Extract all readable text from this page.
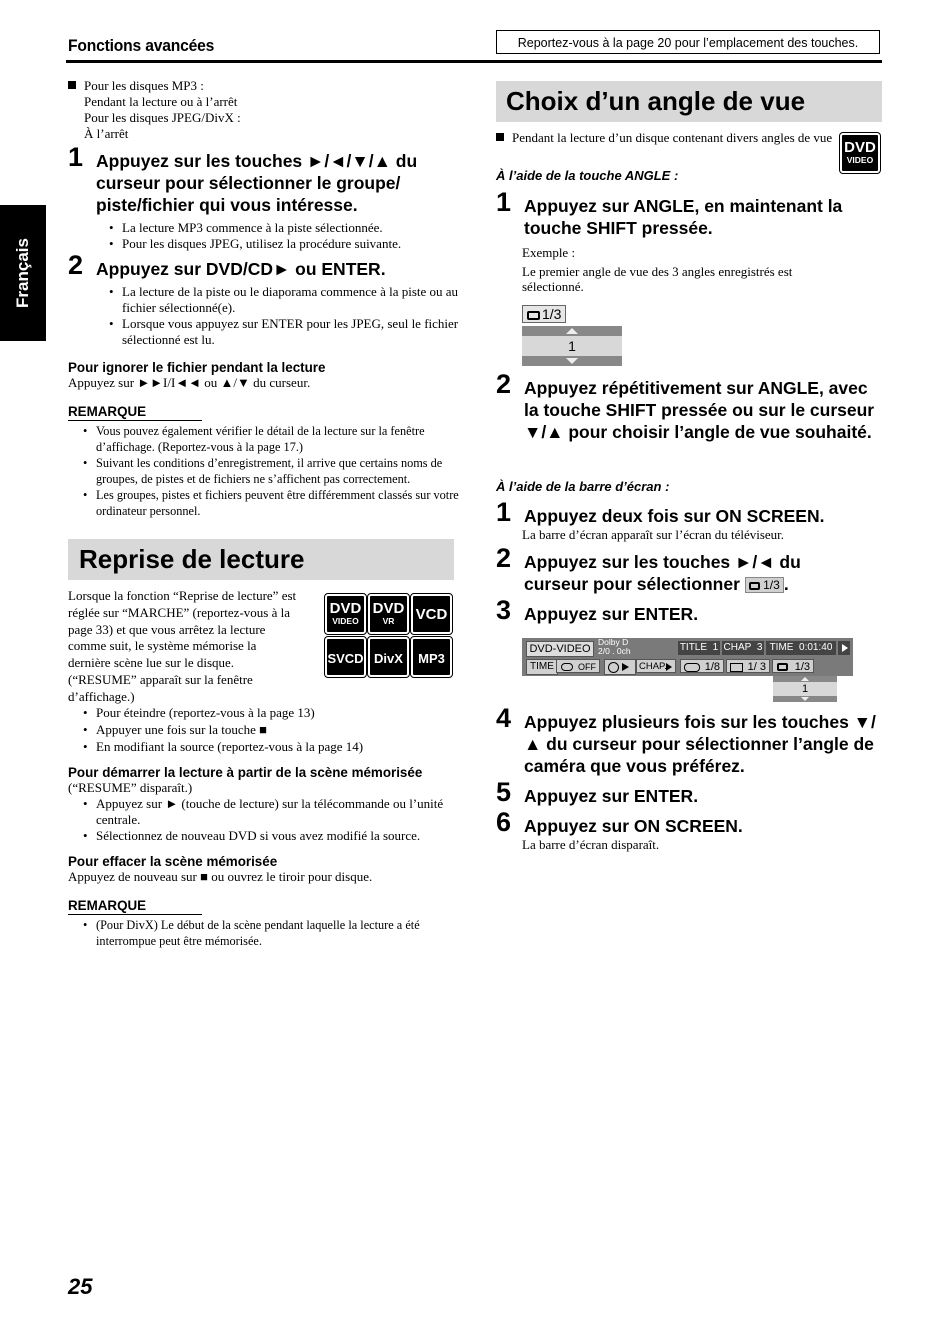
Fonctions avancées	Reportez-vous à la page 20 pour l’emplacement des touches.
Français
Pour les disques MP3 :
Pendant la lecture ou à l’arrêt
Pour les disques JPEG/DivX :
À l’arrêt
1 Appuyez sur les touches ►/◄/▼/▲ du curseur pour sélectionner le groupe/ piste/fichier qui vous intéresse.
• La lecture MP3 commence à la piste sélectionnée.
• Pour les disques JPEG, utilisez la procédure suivante.
2 Appuyez sur DVD/CD► ou ENTER.
• La lecture de la piste ou le diaporama commence à la piste ou au fichier sélectionné(e).
• Lorsque vous appuyez sur ENTER pour les JPEG, seul le fichier sélectionné est lu.
Pour ignorer le fichier pendant la lecture
Appuyez sur ►►I/I◄◄ ou ▲/▼ du curseur.
REMARQUE
• Vous pouvez également vérifier le détail de la lecture sur la fenêtre d’affichage. (Reportez-vous à la page 17.)
• Suivant les conditions d’enregistrement, il arrive que certains noms de groupes, de pistes et de fichiers ne s’affichent pas correctement.
• Les groupes, pistes et fichiers peuvent être différemment classés sur votre ordinateur personnel.
Reprise de lecture
Lorsque la fonction “Reprise de lecture” est
réglée sur “MARCHE” (reportez-vous à la
page 33) et que vous arrêtez la lecture
comme suit, le système mémorise la
dernière scène lue sur le disque.
(“RESUME” apparaît sur la fenêtre
d’affichage.)
DVD
VIDEO
DVD
VR	VCD
SVCD DivX	MP3
• Pour éteindre (reportez-vous à la page 13)
• Appuyer une fois sur la touche ■
• En modifiant la source (reportez-vous à la page 14)
Pour démarrer la lecture à partir de la scène mémorisée
(“RESUME” disparaît.)
• Appuyez sur ► (touche de lecture) sur la télécommande ou l’unité centrale.
• Sélectionnez de nouveau DVD si vous avez modifié la source.
Pour effacer la scène mémorisée
Appuyez de nouveau sur ■ ou ouvrez le tiroir pour disque.
REMARQUE
• (Pour DivX) Le début de la scène pendant laquelle la lecture a été interrompue peut être mémorisée.
Choix d’un angle de vue
Pendant la lecture d’un disque contenant divers angles de vue
DVD
VIDEO
À l’aide de la touche ANGLE :
1 Appuyez sur ANGLE, en maintenant la touche SHIFT pressée.
Exemple :
Le premier angle de vue des 3 angles enregistrés est sélectionné.
1/3
1
2 Appuyez répétitivement sur ANGLE, avec la touche SHIFT pressée ou sur le curseur ▼/▲ pour choisir l’angle de vue souhaité.
À l’aide de la barre d’écran :
1 Appuyez deux fois sur ON SCREEN.
La barre d’écran apparaît sur l’écran du téléviseur.
2 Appuyez sur les touches ►/◄ du curseur pour sélectionner 1/3 .
3 Appuyez sur ENTER.
DVD-VIDEO
Dolby D
2/0 . 0ch	TITLE 1 CHAP 3 TIME 0:01:40
TIME	OFF	CHAP.	1/8	1/ 3	1/3
1
4 Appuyez plusieurs fois sur les touches ▼/▲ du curseur pour sélectionner l’angle de caméra que vous préférez.
5 Appuyez sur ENTER.
6 Appuyez sur ON SCREEN.
La barre d’écran disparaît.
25
